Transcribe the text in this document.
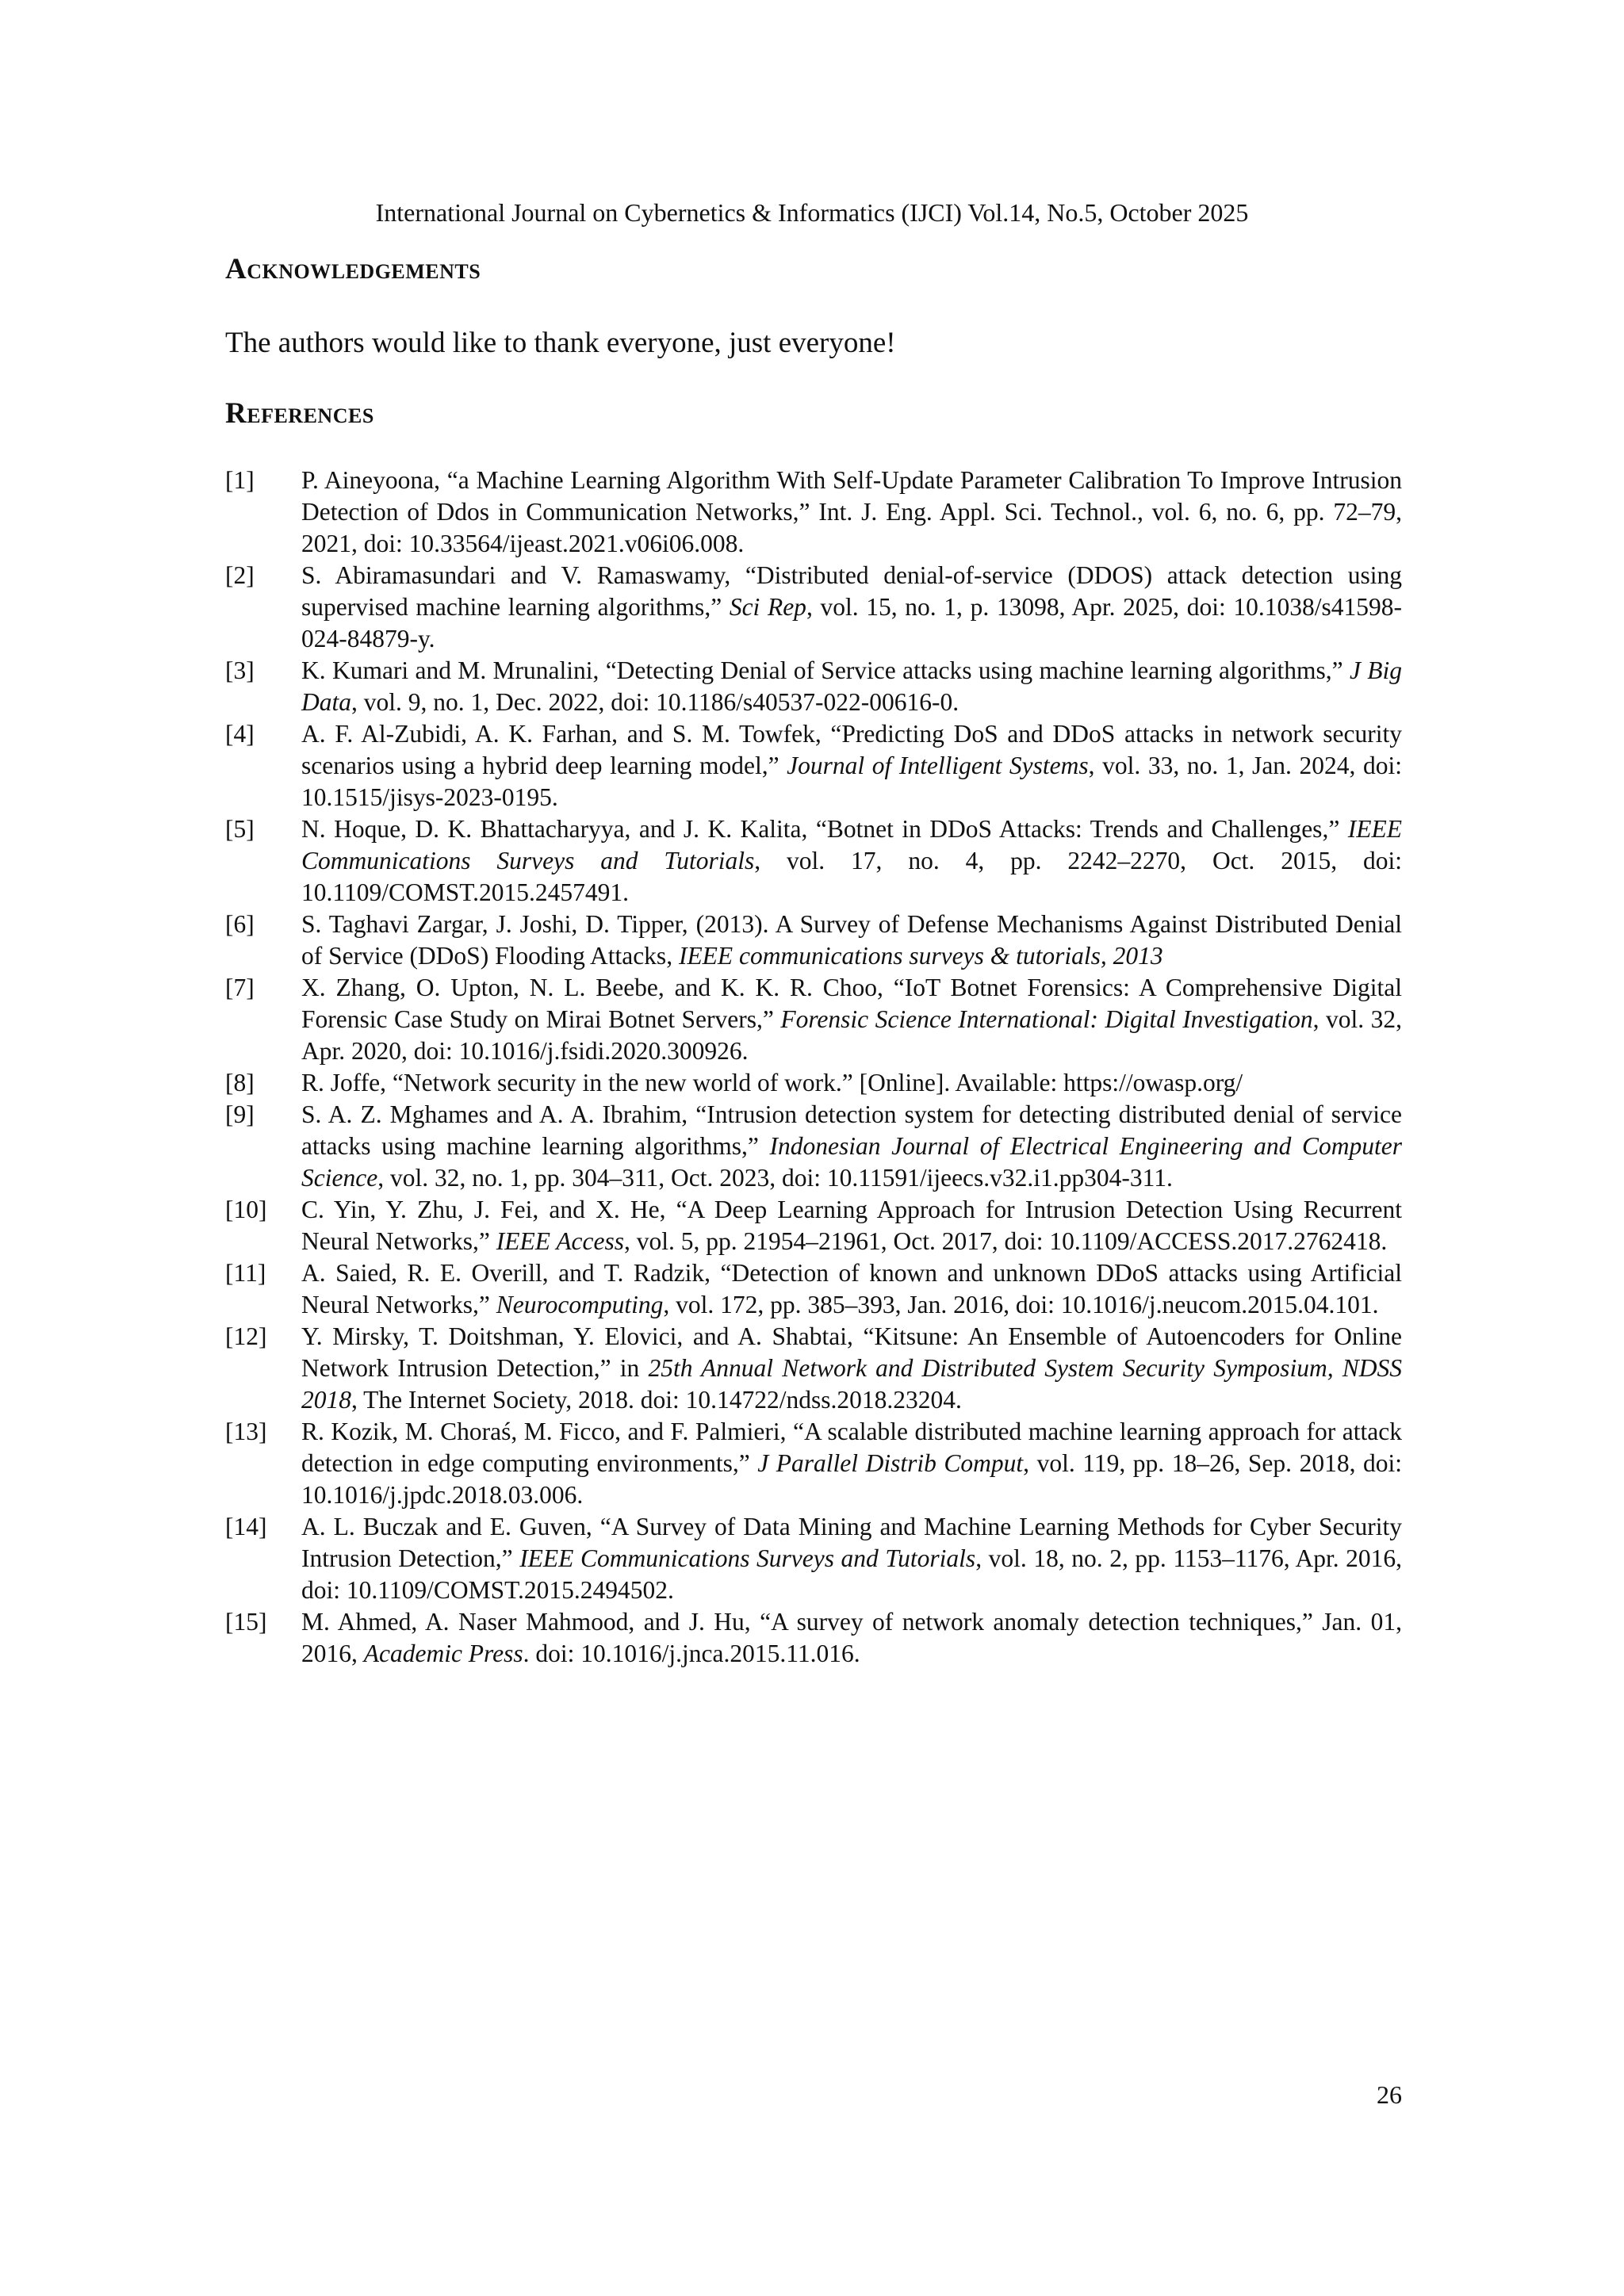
International Journal on Cybernetics & Informatics (IJCI) Vol.14, No.5, October 2025
Acknowledgements
The authors would like to thank everyone, just everyone!
References
[1]	P. Aineyoona, “a Machine Learning Algorithm With Self-Update Parameter Calibration To Improve Intrusion Detection of Ddos in Communication Networks,” Int. J. Eng. Appl. Sci. Technol., vol. 6, no. 6, pp. 72–79, 2021, doi: 10.33564/ijeast.2021.v06i06.008.
[2]	S. Abiramasundari and V. Ramaswamy, “Distributed denial-of-service (DDOS) attack detection using supervised machine learning algorithms,” Sci Rep, vol. 15, no. 1, p. 13098, Apr. 2025, doi: 10.1038/s41598-024-84879-y.
[3]	K. Kumari and M. Mrunalini, “Detecting Denial of Service attacks using machine learning algorithms,” J Big Data, vol. 9, no. 1, Dec. 2022, doi: 10.1186/s40537-022-00616-0.
[4]	A. F. Al-Zubidi, A. K. Farhan, and S. M. Towfek, “Predicting DoS and DDoS attacks in network security scenarios using a hybrid deep learning model,” Journal of Intelligent Systems, vol. 33, no. 1, Jan. 2024, doi: 10.1515/jisys-2023-0195.
[5]	N. Hoque, D. K. Bhattacharyya, and J. K. Kalita, “Botnet in DDoS Attacks: Trends and Challenges,” IEEE Communications Surveys and Tutorials, vol. 17, no. 4, pp. 2242–2270, Oct. 2015, doi: 10.1109/COMST.2015.2457491.
[6]	S. Taghavi Zargar, J. Joshi, D. Tipper, (2013). A Survey of Defense Mechanisms Against Distributed Denial of Service (DDoS) Flooding Attacks, IEEE communications surveys & tutorials, 2013
[7]	X. Zhang, O. Upton, N. L. Beebe, and K. K. R. Choo, “IoT Botnet Forensics: A Comprehensive Digital Forensic Case Study on Mirai Botnet Servers,” Forensic Science International: Digital Investigation, vol. 32, Apr. 2020, doi: 10.1016/j.fsidi.2020.300926.
[8]	R. Joffe, “Network security in the new world of work.” [Online]. Available: https://owasp.org/
[9]	S. A. Z. Mghames and A. A. Ibrahim, “Intrusion detection system for detecting distributed denial of service attacks using machine learning algorithms,” Indonesian Journal of Electrical Engineering and Computer Science, vol. 32, no. 1, pp. 304–311, Oct. 2023, doi: 10.11591/ijeecs.v32.i1.pp304-311.
[10]	C. Yin, Y. Zhu, J. Fei, and X. He, “A Deep Learning Approach for Intrusion Detection Using Recurrent Neural Networks,” IEEE Access, vol. 5, pp. 21954–21961, Oct. 2017, doi: 10.1109/ACCESS.2017.2762418.
[11]	A. Saied, R. E. Overill, and T. Radzik, “Detection of known and unknown DDoS attacks using Artificial Neural Networks,” Neurocomputing, vol. 172, pp. 385–393, Jan. 2016, doi: 10.1016/j.neucom.2015.04.101.
[12]	Y. Mirsky, T. Doitshman, Y. Elovici, and A. Shabtai, “Kitsune: An Ensemble of Autoencoders for Online Network Intrusion Detection,” in 25th Annual Network and Distributed System Security Symposium, NDSS 2018, The Internet Society, 2018. doi: 10.14722/ndss.2018.23204.
[13]	R. Kozik, M. Choraś, M. Ficco, and F. Palmieri, “A scalable distributed machine learning approach for attack detection in edge computing environments,” J Parallel Distrib Comput, vol. 119, pp. 18–26, Sep. 2018, doi: 10.1016/j.jpdc.2018.03.006.
[14]	A. L. Buczak and E. Guven, “A Survey of Data Mining and Machine Learning Methods for Cyber Security Intrusion Detection,” IEEE Communications Surveys and Tutorials, vol. 18, no. 2, pp. 1153–1176, Apr. 2016, doi: 10.1109/COMST.2015.2494502.
[15]	M. Ahmed, A. Naser Mahmood, and J. Hu, “A survey of network anomaly detection techniques,” Jan. 01, 2016, Academic Press. doi: 10.1016/j.jnca.2015.11.016.
26
